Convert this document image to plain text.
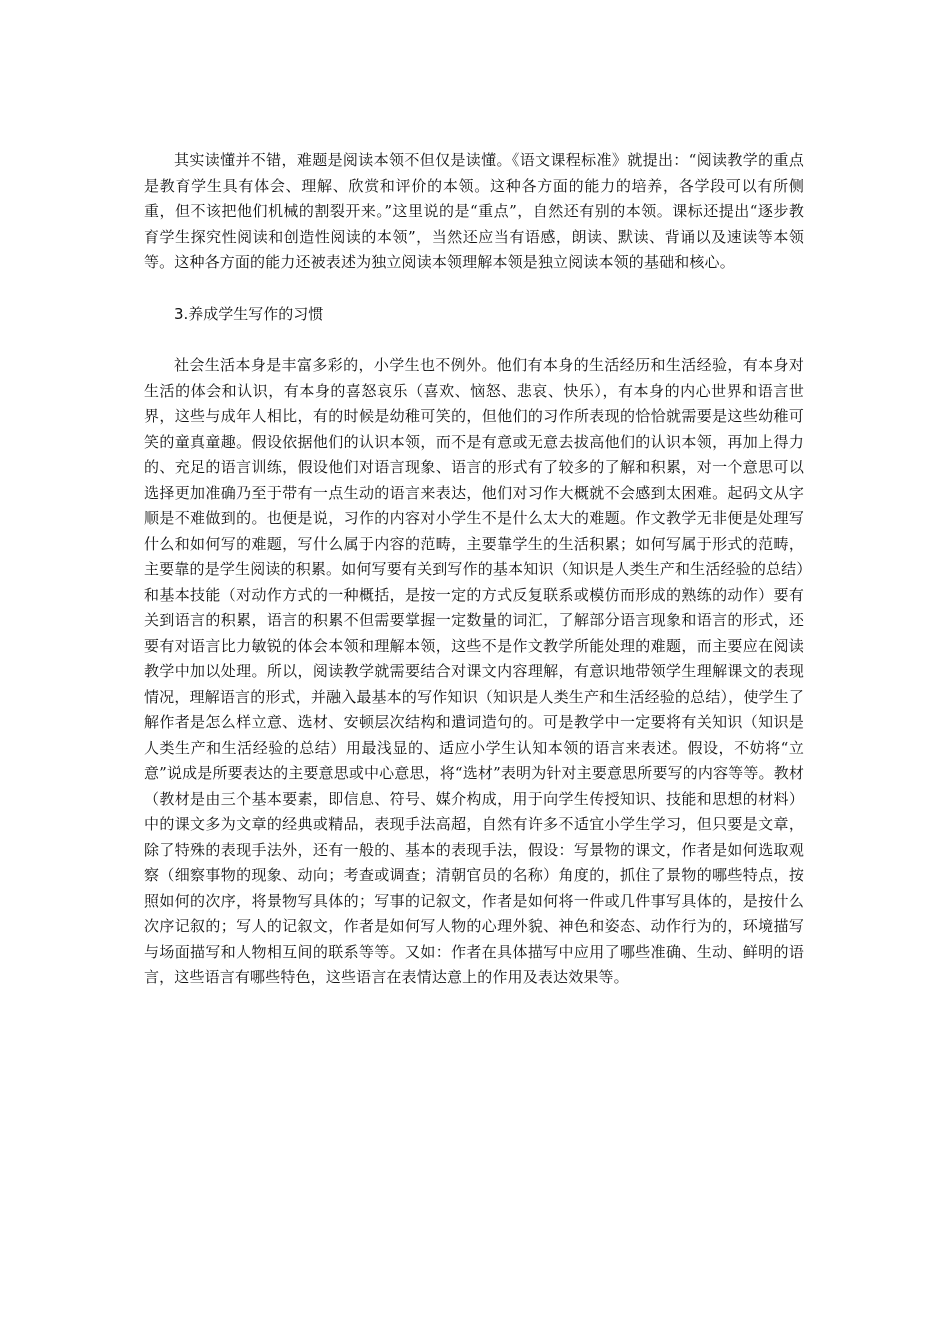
其实读懂并不错，难题是阅读本领不但仅是读懂。《语文课程标准》就提出：“阅读教学的重点是教育学生具有体会、理解、欣赏和评价的本领。这种各方面的能力的培养，各学段可以有所侧重，但不该把他们机械的割裂开来。”这里说的是“重点”，自然还有别的本领。课标还提出“逐步教育学生探究性阅读和创造性阅读的本领”，当然还应当有语感，朗读、默读、背诵以及速读等本领等。这种各方面的能力还被表述为独立阅读本领理解本领是独立阅读本领的基础和核心。

3.养成学生写作的习惯

社会生活本身是丰富多彩的，小学生也不例外。他们有本身的生活经历和生活经验，有本身对生活的体会和认识，有本身的喜怒哀乐（喜欢、恼怒、悲哀、快乐），有本身的内心世界和语言世界，这些与成年人相比，有的时候是幼稚可笑的，但他们的习作所表现的恰恰就需要是这些幼稚可笑的童真童趣。假设依据他们的认识本领，而不是有意或无意去拔高他们的认识本领，再加上得力的、充足的语言训练，假设他们对语言现象、语言的形式有了较多的了解和积累，对一个意思可以选择更加准确乃至于带有一点生动的语言来表达，他们对习作大概就不会感到太困难。起码文从字顺是不难做到的。也便是说，习作的内容对小学生不是什么太大的难题。作文教学无非便是处理写什么和如何写的难题，写什么属于内容的范畴，主要靠学生的生活积累；如何写属于形式的范畴，主要靠的是学生阅读的积累。如何写要有关到写作的基本知识（知识是人类生产和生活经验的总结）和基本技能（对动作方式的一种概括，是按一定的方式反复联系或模仿而形成的熟练的动作）要有关到语言的积累，语言的积累不但需要掌握一定数量的词汇，了解部分语言现象和语言的形式，还要有对语言比力敏锐的体会本领和理解本领，这些不是作文教学所能处理的难题，而主要应在阅读教学中加以处理。所以，阅读教学就需要结合对课文内容理解，有意识地带领学生理解课文的表现情况，理解语言的形式，并融入最基本的写作知识（知识是人类生产和生活经验的总结），使学生了解作者是怎么样立意、选材、安顿层次结构和遣词造句的。可是教学中一定要将有关知识（知识是人类生产和生活经验的总结）用最浅显的、适应小学生认知本领的语言来表述。假设，不妨将“立意”说成是所要表达的主要意思或中心意思，将“选材”表明为针对主要意思所要写的内容等等。教材（教材是由三个基本要素，即信息、符号、媒介构成，用于向学生传授知识、技能和思想的材料）中的课文多为文章的经典或精品，表现手法高超，自然有许多不适宜小学生学习，但只要是文章，除了特殊的表现手法外，还有一般的、基本的表现手法，假设：写景物的课文，作者是如何选取观察（细察事物的现象、动向；考查或调查；清朝官员的名称）角度的，抓住了景物的哪些特点，按照如何的次序，将景物写具体的；写事的记叙文，作者是如何将一件或几件事写具体的，是按什么次序记叙的；写人的记叙文，作者是如何写人物的心理外貌、神色和姿态、动作行为的，环境描写与场面描写和人物相互间的联系等等。又如：作者在具体描写中应用了哪些准确、生动、鲜明的语言，这些语言有哪些特色，这些语言在表情达意上的作用及表达效果等。
